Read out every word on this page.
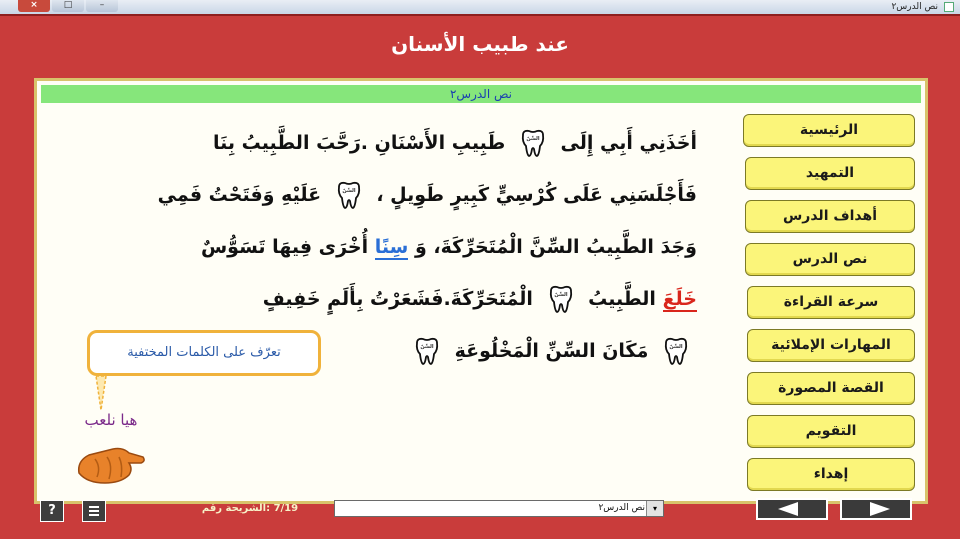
×	□	–	نص الدرس٢
عند طبيب الأسنان
نص الدرس٢
الرئيسية
التمهيد
أهداف الدرس
نص الدرس
سرعة القراءة
المهارات الإملائية
القصة المصورة
التقويم
إهداء
أخَذَنِي أَبِي إِلَى
السِّنّ
طَبِيبِ الأَسْنَانِ .رَحَّبَ الطَّبِيبُ بِنَا
فَأَجْلَسَنِي عَلَى كُرْسِيٍّ كَبِيرٍ طَوِيلٍ ،
السِّنّ
عَلَيْهِ وَفَتَحْتُ فَمِي
وَجَدَ الطَّبِيبُ السِّنَّ الْمُتَحَرِّكَةَ، وَ سِنًا أُخْرَى فِيهَا تَسَوُّسٌ
خَلَعَ الطَّبِيبُ
السِّنّ
الْمُتَحَرِّكَةَ.فَشَعَرْتُ بِأَلَمٍ خَفِيفٍ
السِّنّ
مَكَانَ السِّنِّ الْمَخْلُوعَةِ
السِّنّ
تعرّف على الكلمات المختفية
هيا نلعب
?	7/19 :الشريحة رقم	نص الدرس٢ ▾
